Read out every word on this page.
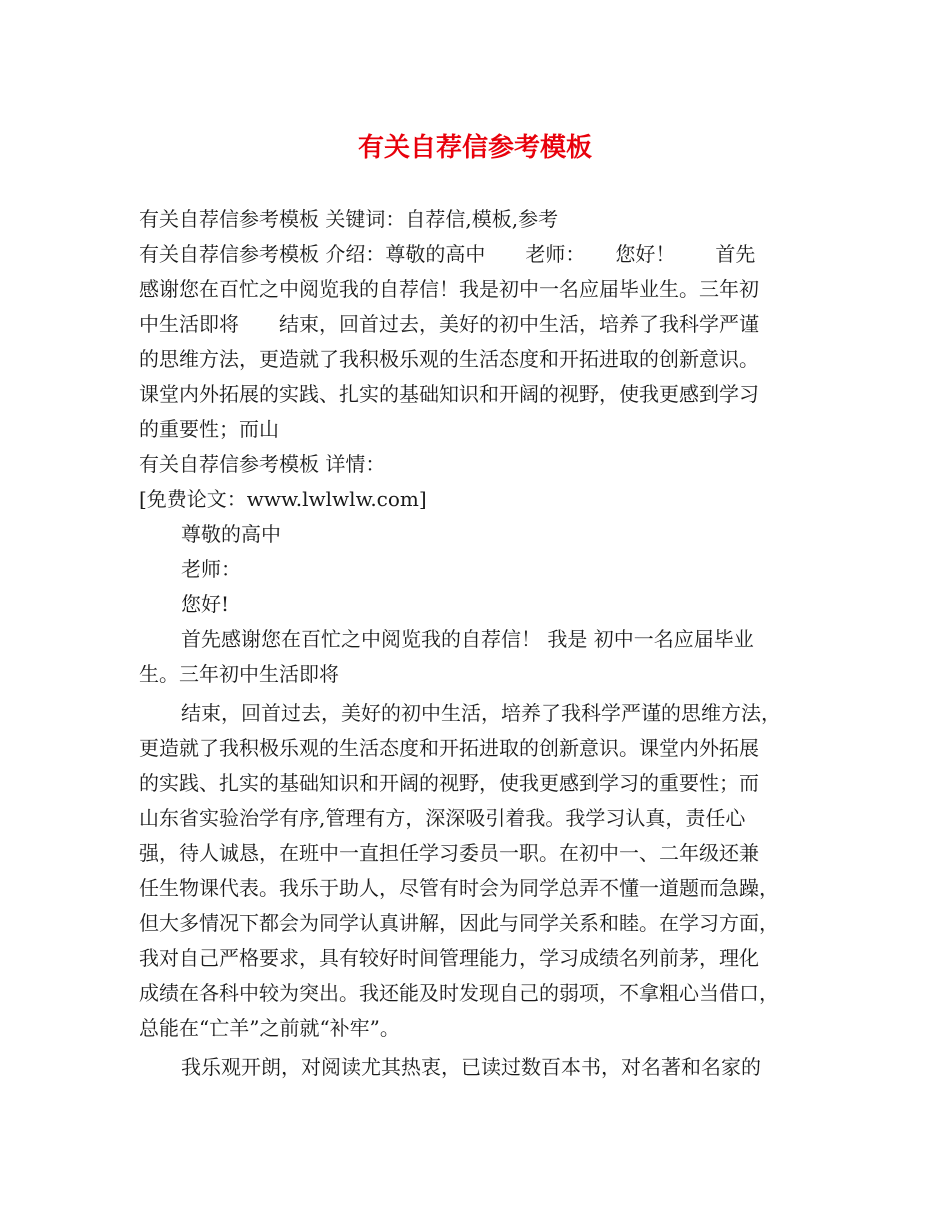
有关自荐信参考模板
有关自荐信参考模板 关键词：自荐信,模板,参考
有关自荐信参考模板 介绍：尊敬的高中　　老师：　　您好！　　首先
感谢您在百忙之中阅览我的自荐信！我是初中一名应届毕业生。三年初
中生活即将　　结束，回首过去，美好的初中生活，培养了我科学严谨
的思维方法，更造就了我积极乐观的生活态度和开拓进取的创新意识。
课堂内外拓展的实践、扎实的基础知识和开阔的视野，使我更感到学习
的重要性；而山
有关自荐信参考模板 详情：
[免费论文：www.lwlwlw.com]
尊敬的高中
老师：
您好!
首先感谢您在百忙之中阅览我的自荐信！ 我是 初中一名应届毕业
生。三年初中生活即将
结束，回首过去，美好的初中生活，培养了我科学严谨的思维方法，
更造就了我积极乐观的生活态度和开拓进取的创新意识。课堂内外拓展
的实践、扎实的基础知识和开阔的视野，使我更感到学习的重要性；而
山东省实验治学有序,管理有方，深深吸引着我。我学习认真，责任心
强，待人诚恳，在班中一直担任学习委员一职。在初中一、二年级还兼
任生物课代表。我乐于助人，尽管有时会为同学总弄不懂一道题而急躁，
但大多情况下都会为同学认真讲解，因此与同学关系和睦。在学习方面，
我对自己严格要求，具有较好时间管理能力，学习成绩名列前茅，理化
成绩在各科中较为突出。我还能及时发现自己的弱项，不拿粗心当借口，
总能在“亡羊”之前就“补牢”。
我乐观开朗，对阅读尤其热衷，已读过数百本书，对名著和名家的
